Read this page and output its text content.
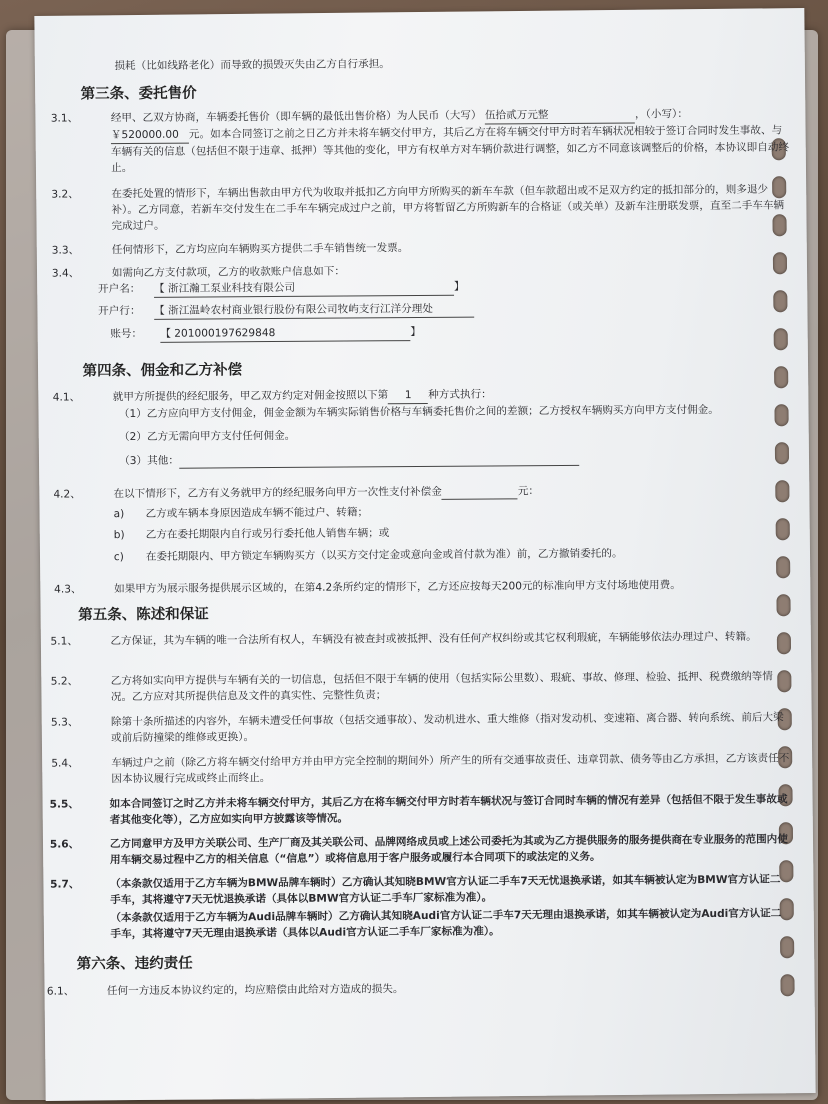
损耗（比如线路老化）而导致的损毁灭失由乙方自行承担。
第三条、委托售价
3.1、	经甲、乙双方协商，车辆委托售价（即车辆的最低出售价格）为人民币（大写） 伍拾贰万元整	，（小写）：
￥520000.00 元。如本合同签订之前之日乙方并未将车辆交付甲方，其后乙方在将车辆交付甲方时若车辆状况相较于签订合同时发生事故、与车辆有关的信息（包括但不限于违章、抵押）等其他的变化，甲方有权单方对车辆价款进行调整，如乙方不同意该调整后的价格，本协议即自动终止。
3.2、	在委托处置的情形下，车辆出售款由甲方代为收取并抵扣乙方向甲方所购买的新车车款（但车款超出或不足双方约定的抵扣部分的，则多退少补）。乙方同意，若新车交付发生在二手车车辆完成过户之前，甲方将暂留乙方所购新车的合格证（或关单）及新车注册联发票，直至二手车车辆完成过户。
3.3、	任何情形下，乙方均应向车辆购买方提供二手车销售统一发票。
3.4、	如需向乙方支付款项，乙方的收款账户信息如下：
开户名： 【 浙江瀚工泵业科技有限公司	】
开户行： 【 浙江温岭农村商业银行股份有限公司牧屿支行江洋分理处
账号： 【 201000197629848	】
第四条、佣金和乙方补偿
4.1、	就甲方所提供的经纪服务，甲乙双方约定对佣金按照以下第 1 种方式执行：
（1）乙方应向甲方支付佣金，佣金金额为车辆实际销售价格与车辆委托售价之间的差额；乙方授权车辆购买方向甲方支付佣金。
（2）乙方无需向甲方支付任何佣金。
（3）其他：
4.2、	在以下情形下，乙方有义务就甲方的经纪服务向甲方一次性支付补偿金	元：
a) 乙方或车辆本身原因造成车辆不能过户、转籍；
b) 乙方在委托期限内自行或另行委托他人销售车辆；或
c) 在委托期限内、甲方锁定车辆购买方（以买方交付定金或意向金或首付款为准）前，乙方撤销委托的。
4.3、	如果甲方为展示服务提供展示区域的，在第4.2条所约定的情形下，乙方还应按每天200元的标准向甲方支付场地使用费。
第五条、陈述和保证
5.1、	乙方保证，其为车辆的唯一合法所有权人，车辆没有被查封或被抵押、没有任何产权纠纷或其它权利瑕疵，车辆能够依法办理过户、转籍。
5.2、	乙方将如实向甲方提供与车辆有关的一切信息，包括但不限于车辆的使用（包括实际公里数）、瑕疵、事故、修理、检验、抵押、税费缴纳等情况。乙方应对其所提供信息及文件的真实性、完整性负责；
5.3、	除第十条所描述的内容外，车辆未遭受任何事故（包括交通事故）、发动机进水、重大维修（指对发动机、变速箱、离合器、转向系统、前后大梁或前后防撞梁的维修或更换）。
5.4、	车辆过户之前（除乙方将车辆交付给甲方并由甲方完全控制的期间外）所产生的所有交通事故责任、违章罚款、债务等由乙方承担，乙方该责任不因本协议履行完成或终止而终止。
5.5、	如本合同签订之时乙方并未将车辆交付甲方，其后乙方在将车辆交付甲方时若车辆状况与签订合同时车辆的情况有差异（包括但不限于发生事故或者其他变化等），乙方应如实向甲方披露该等情况。
5.6、	乙方同意甲方及甲方关联公司、生产厂商及其关联公司、品牌网络成员或上述公司委托为其或为乙方提供服务的服务提供商在专业服务的范围内使用车辆交易过程中乙方的相关信息（“信息”）或将信息用于客户服务或履行本合同项下的或法定的义务。
5.7、	（本条款仅适用于乙方车辆为BMW品牌车辆时）乙方确认其知晓BMW官方认证二手车7天无忧退换承诺，如其车辆被认定为BMW官方认证二手车，其将遵守7天无忧退换承诺（具体以BMW官方认证二手车厂家标准为准）。
（本条款仅适用于乙方车辆为Audi品牌车辆时）乙方确认其知晓Audi官方认证二手车7天无理由退换承诺，如其车辆被认定为Audi官方认证二手车，其将遵守7天无理由退换承诺（具体以Audi官方认证二手车厂家标准为准）。
第六条、违约责任
6.1、	任何一方违反本协议约定的，均应赔偿由此给对方造成的损失。
